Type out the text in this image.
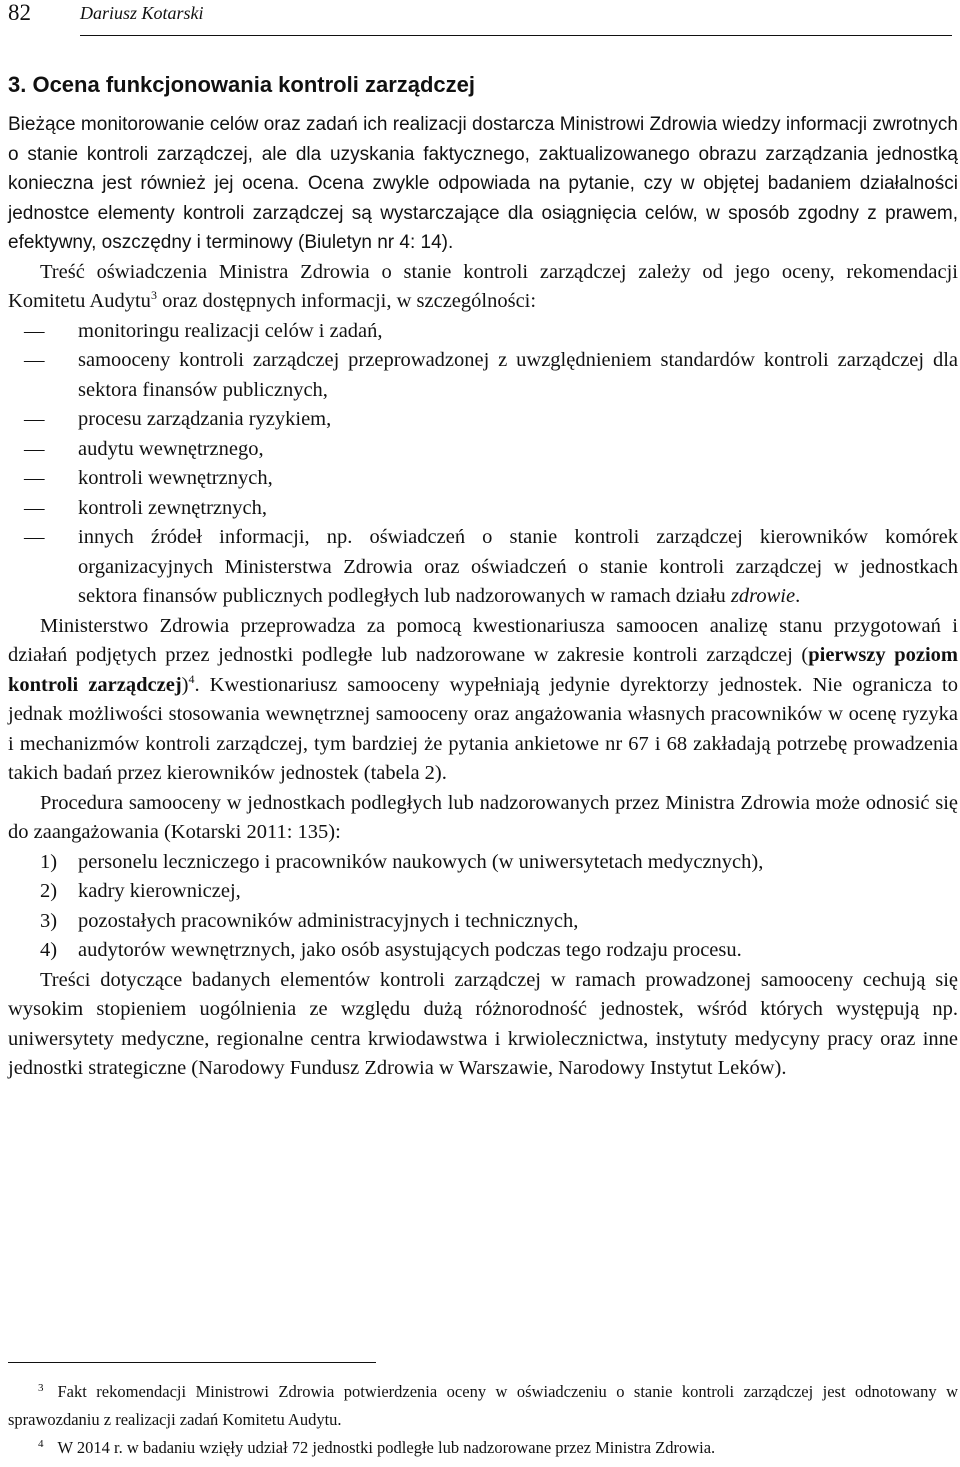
82	Dariusz Kotarski
3. Ocena funkcjonowania kontroli zarządczej

Bieżące monitorowanie celów oraz zadań ich realizacji dostarcza Ministrowi Zdrowia wiedzy informacji zwrotnych o stanie kontroli zarządczej, ale dla uzyskania faktycznego, zaktualizowanego obrazu zarządzania jednostką konieczna jest również jej ocena. Ocena zwykle odpowiada na pytanie, czy w objętej badaniem działalności jednostce elementy kontroli zarządczej są wystarczające dla osiągnięcia celów, w sposób zgodny z prawem, efektywny, oszczędny i terminowy (Biuletyn nr 4: 14).

Treść oświadczenia Ministra Zdrowia o stanie kontroli zarządczej zależy od jego oceny, rekomendacji Komitetu Audytu$^3$ oraz dostępnych informacji, w szczególności:

— monitoringu realizacji celów i zadań,
— samooceny kontroli zarządczej przeprowadzonej z uwzględnieniem standardów kontroli zarządczej dla sektora finansów publicznych,
— procesu zarządzania ryzykiem,
— audytu wewnętrznego,
— kontroli wewnętrznych,
— kontroli zewnętrznych,
— innych źródeł informacji, np. oświadczeń o stanie kontroli zarządczej kierowników komórek organizacyjnych Ministerstwa Zdrowia oraz oświadczeń o stanie kontroli zarządczej w jednostkach sektora finansów publicznych podległych lub nadzorowanych w ramach działu zdrowie.

Ministerstwo Zdrowia przeprowadza za pomocą kwestionariusza samoocen analizę stanu przygotowań i działań podjętych przez jednostki podległe lub nadzorowane w zakresie kontroli zarządczej (pierwszy poziom kontroli zarządczej)$^4$. Kwestionariusz samooceny wypełniają jedynie dyrektorzy jednostek. Nie ogranicza to jednak możliwości stosowania wewnętrznej samooceny oraz angażowania własnych pracowników w ocenę ryzyka i mechanizmów kontroli zarządczej, tym bardziej że pytania ankietowe nr 67 i 68 zakładają potrzebę prowadzenia takich badań przez kierowników jednostek (tabela 2).

Procedura samooceny w jednostkach podległych lub nadzorowanych przez Ministra Zdrowia może odnosić się do zaangażowania (Kotarski 2011: 135):

1) personelu leczniczego i pracowników naukowych (w uniwersytetach medycznych),
2) kadry kierowniczej,
3) pozostałych pracowników administracyjnych i technicznych,
4) audytorów wewnętrznych, jako osób asystujących podczas tego rodzaju procesu.

Treści dotyczące badanych elementów kontroli zarządczej w ramach prowadzonej samooceny cechują się wysokim stopieniem uogólnienia ze względu dużą różnorodność jednostek, wśród których występują np. uniwersytety medyczne, regionalne centra krwiodawstwa i krwiolecznictwa, instytuty medycyny pracy oraz inne jednostki strategiczne (Narodowy Fundusz Zdrowia w Warszawie, Narodowy Instytut Leków).

$^3$ Fakt rekomendacji Ministrowi Zdrowia potwierdzenia oceny w oświadczeniu o stanie kontroli zarządczej jest odnotowany w sprawozdaniu z realizacji zadań Komitetu Audytu.

$^4$ W 2014 r. w badaniu wzięły udział 72 jednostki podległe lub nadzorowane przez Ministra Zdrowia.
